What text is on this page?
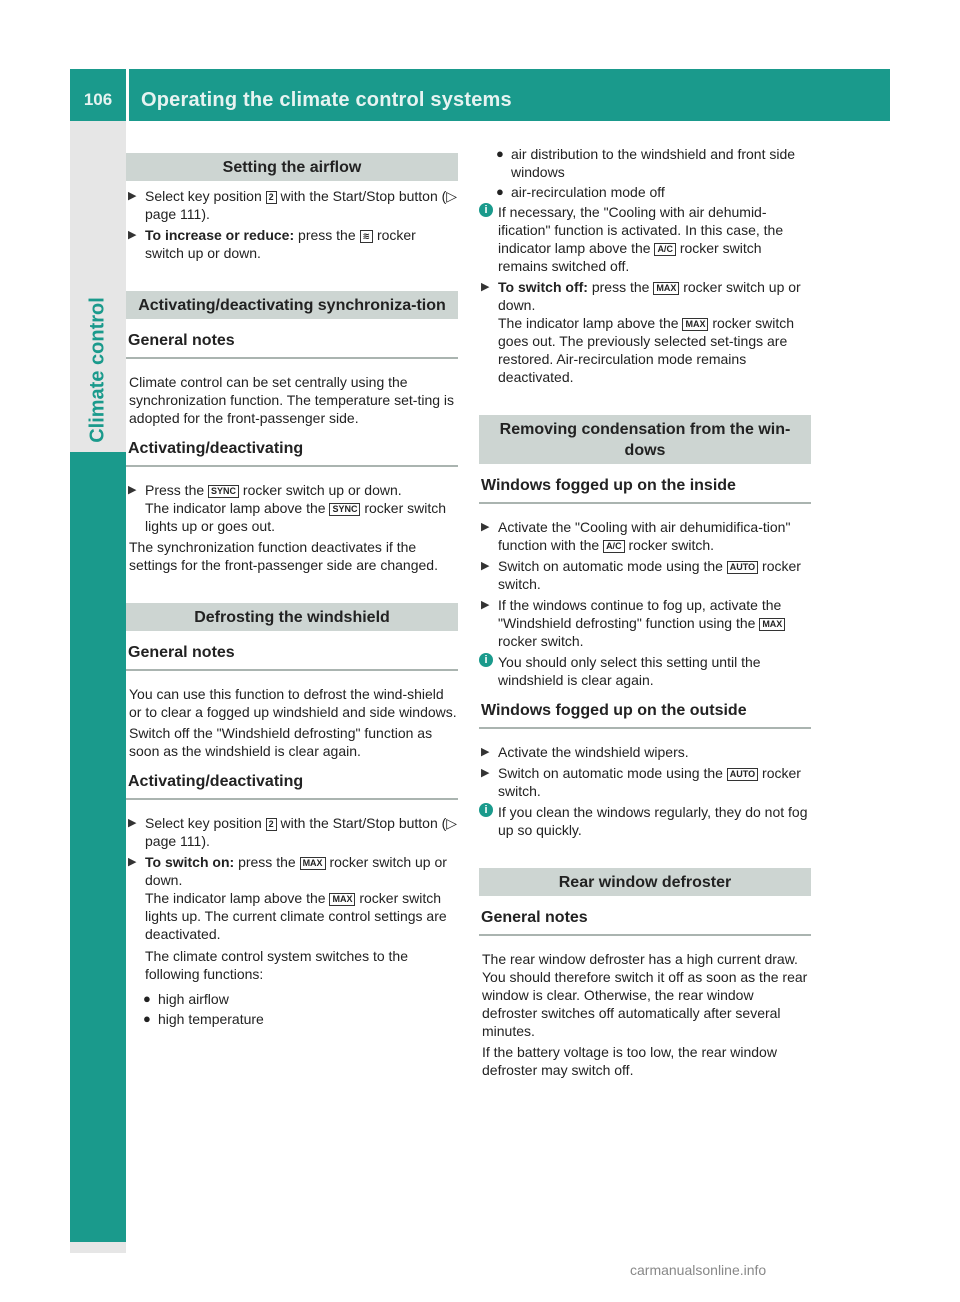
106	Operating the climate control systems
Climate control
Setting the airflow
▶ Select key position 2 with the Start/Stop button (▷ page 111).
▶ To increase or reduce: press the ≋ rocker switch up or down.
Activating/deactivating synchroniza-tion
General notes
Climate control can be set centrally using the synchronization function. The temperature set-ting is adopted for the front-passenger side.
Activating/deactivating
▶ Press the SYNC rocker switch up or down.
The indicator lamp above the SYNC rocker switch lights up or goes out.
The synchronization function deactivates if the settings for the front-passenger side are changed.
Defrosting the windshield
General notes
You can use this function to defrost the wind-shield or to clear a fogged up windshield and side windows.
Switch off the "Windshield defrosting" function as soon as the windshield is clear again.
Activating/deactivating
▶ Select key position 2 with the Start/Stop button (▷ page 111).
▶ To switch on: press the MAX rocker switch up or down.
The indicator lamp above the MAX rocker switch lights up. The current climate control settings are deactivated.
The climate control system switches to the following functions:
● high airflow
● high temperature
● air distribution to the windshield and front side windows
● air-recirculation mode off
i If necessary, the "Cooling with air dehumid-ification" function is activated. In this case, the indicator lamp above the A/C rocker switch remains switched off.
▶ To switch off: press the MAX rocker switch up or down.
The indicator lamp above the MAX rocker switch goes out. The previously selected set-tings are restored. Air-recirculation mode remains deactivated.
Removing condensation from the win-dows
Windows fogged up on the inside
▶ Activate the "Cooling with air dehumidifica-tion" function with the A/C rocker switch.
▶ Switch on automatic mode using the AUTO rocker switch.
▶ If the windows continue to fog up, activate the "Windshield defrosting" function using the MAX rocker switch.
i You should only select this setting until the windshield is clear again.
Windows fogged up on the outside
▶ Activate the windshield wipers.
▶ Switch on automatic mode using the AUTO rocker switch.
i If you clean the windows regularly, they do not fog up so quickly.
Rear window defroster
General notes
The rear window defroster has a high current draw. You should therefore switch it off as soon as the rear window is clear. Otherwise, the rear window defroster switches off automatically after several minutes.
If the battery voltage is too low, the rear window defroster may switch off.
carmanualsonline.info
